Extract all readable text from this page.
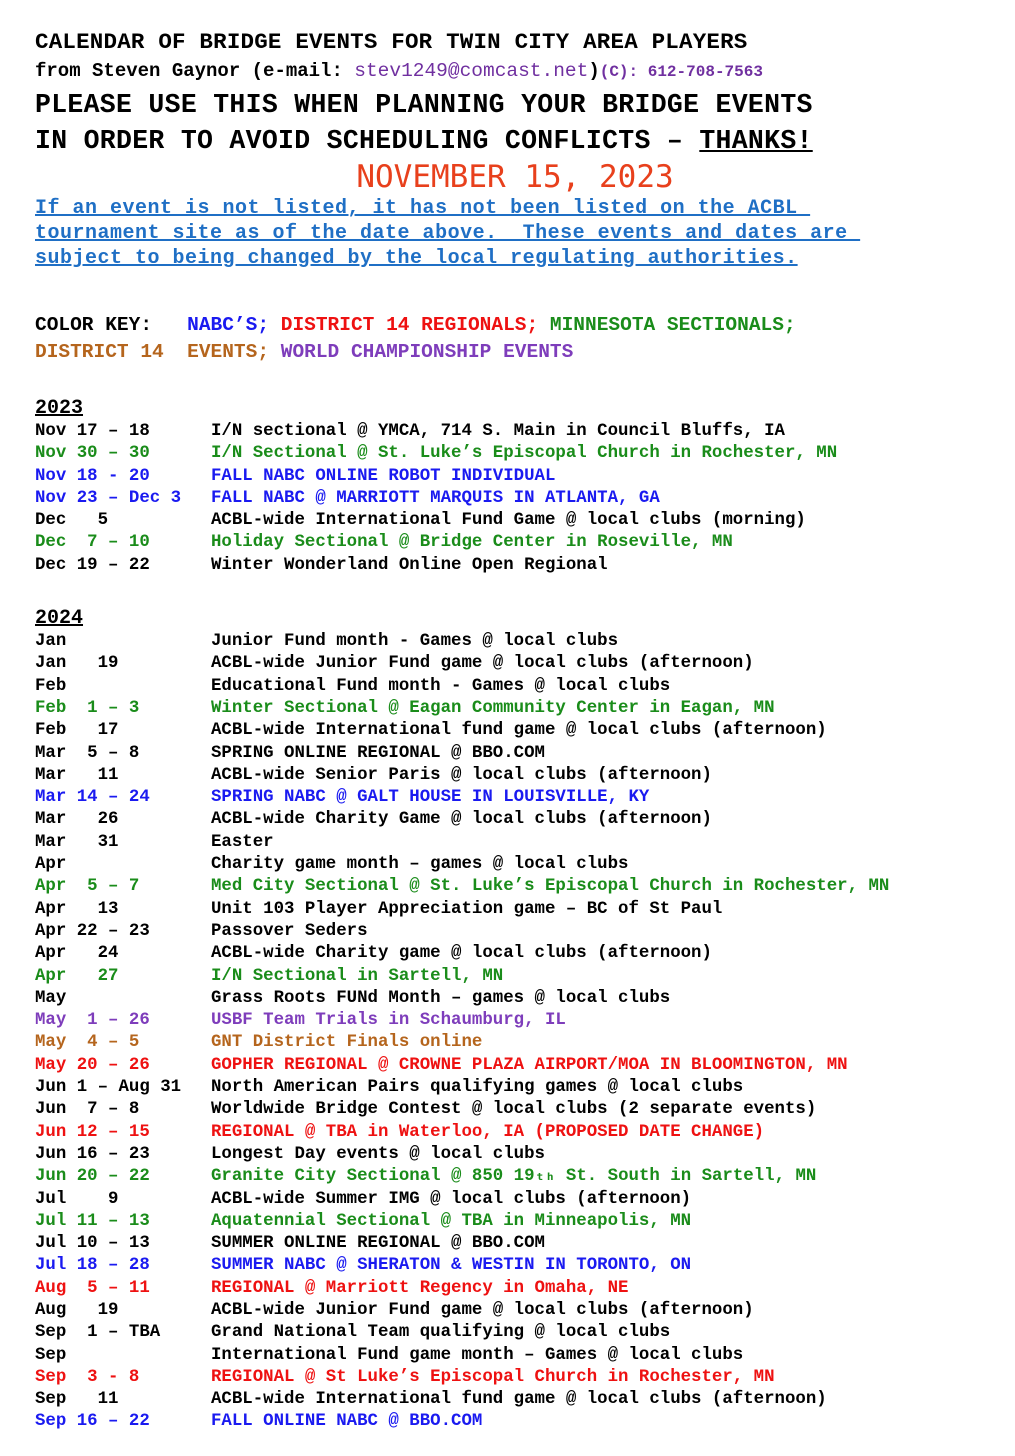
CALENDAR OF BRIDGE EVENTS FOR TWIN CITY AREA PLAYERS
from Steven Gaynor (e-mail: stev1249@comcast.net)(C): 612-708-7563
PLEASE USE THIS WHEN PLANNING YOUR BRIDGE EVENTS
IN ORDER TO AVOID SCHEDULING CONFLICTS – THANKS!
NOVEMBER 15, 2023
If an event is not listed, it has not been listed on the ACBL
tournament site as of the date above.  These events and dates are
subject to being changed by the local regulating authorities.
COLOR KEY:   NABC’S; DISTRICT 14 REGIONALS; MINNESOTA SECTIONALS;
DISTRICT 14  EVENTS; WORLD CHAMPIONSHIP EVENTS
2023
Nov 17 – 18	I/N sectional @ YMCA, 714 S. Main in Council Bluffs, IA
Nov 30 – 30	I/N Sectional @ St. Luke’s Episcopal Church in Rochester, MN
Nov 18 - 20	FALL NABC ONLINE ROBOT INDIVIDUAL
Nov 23 – Dec 3	FALL NABC @ MARRIOTT MARQUIS IN ATLANTA, GA
Dec   5	ACBL-wide International Fund Game @ local clubs (morning)
Dec  7 – 10	Holiday Sectional @ Bridge Center in Roseville, MN
Dec 19 – 22	Winter Wonderland Online Open Regional
2024
Jan	Junior Fund month - Games @ local clubs
Jan   19	ACBL-wide Junior Fund game @ local clubs (afternoon)
Feb	Educational Fund month - Games @ local clubs
Feb  1 – 3	Winter Sectional @ Eagan Community Center in Eagan, MN
Feb   17	ACBL-wide International fund game @ local clubs (afternoon)
Mar  5 – 8	SPRING ONLINE REGIONAL @ BBO.COM
Mar   11	ACBL-wide Senior Paris @ local clubs (afternoon)
Mar 14 – 24	SPRING NABC @ GALT HOUSE IN LOUISVILLE, KY
Mar   26	ACBL-wide Charity Game @ local clubs (afternoon)
Mar   31	Easter
Apr	Charity game month – games @ local clubs
Apr  5 – 7	Med City Sectional @ St. Luke’s Episcopal Church in Rochester, MN
Apr   13	Unit 103 Player Appreciation game – BC of St Paul
Apr 22 – 23	Passover Seders
Apr   24	ACBL-wide Charity game @ local clubs (afternoon)
Apr   27	I/N Sectional in Sartell, MN
May	Grass Roots FUNd Month – games @ local clubs
May  1 – 26	USBF Team Trials in Schaumburg, IL
May  4 – 5	GNT District Finals online
May 20 – 26	GOPHER REGIONAL @ CROWNE PLAZA AIRPORT/MOA IN BLOOMINGTON, MN
Jun 1 – Aug 31	North American Pairs qualifying games @ local clubs
Jun  7 – 8	Worldwide Bridge Contest @ local clubs (2 separate events)
Jun 12 – 15	REGIONAL @ TBA in Waterloo, IA (PROPOSED DATE CHANGE)
Jun 16 – 23	Longest Day events @ local clubs
Jun 20 – 22	Granite City Sectional @ 850 19ₜₕ St. South in Sartell, MN
Jul    9	ACBL-wide Summer IMG @ local clubs (afternoon)
Jul 11 – 13	Aquatennial Sectional @ TBA in Minneapolis, MN
Jul 10 – 13	SUMMER ONLINE REGIONAL @ BBO.COM
Jul 18 – 28	SUMMER NABC @ SHERATON & WESTIN IN TORONTO, ON
Aug  5 – 11	REGIONAL @ Marriott Regency in Omaha, NE
Aug   19	ACBL-wide Junior Fund game @ local clubs (afternoon)
Sep  1 – TBA	Grand National Team qualifying @ local clubs
Sep	International Fund game month – Games @ local clubs
Sep  3 - 8	REGIONAL @ St Luke’s Episcopal Church in Rochester, MN
Sep   11	ACBL-wide International fund game @ local clubs (afternoon)
Sep 16 – 22	FALL ONLINE NABC @ BBO.COM
